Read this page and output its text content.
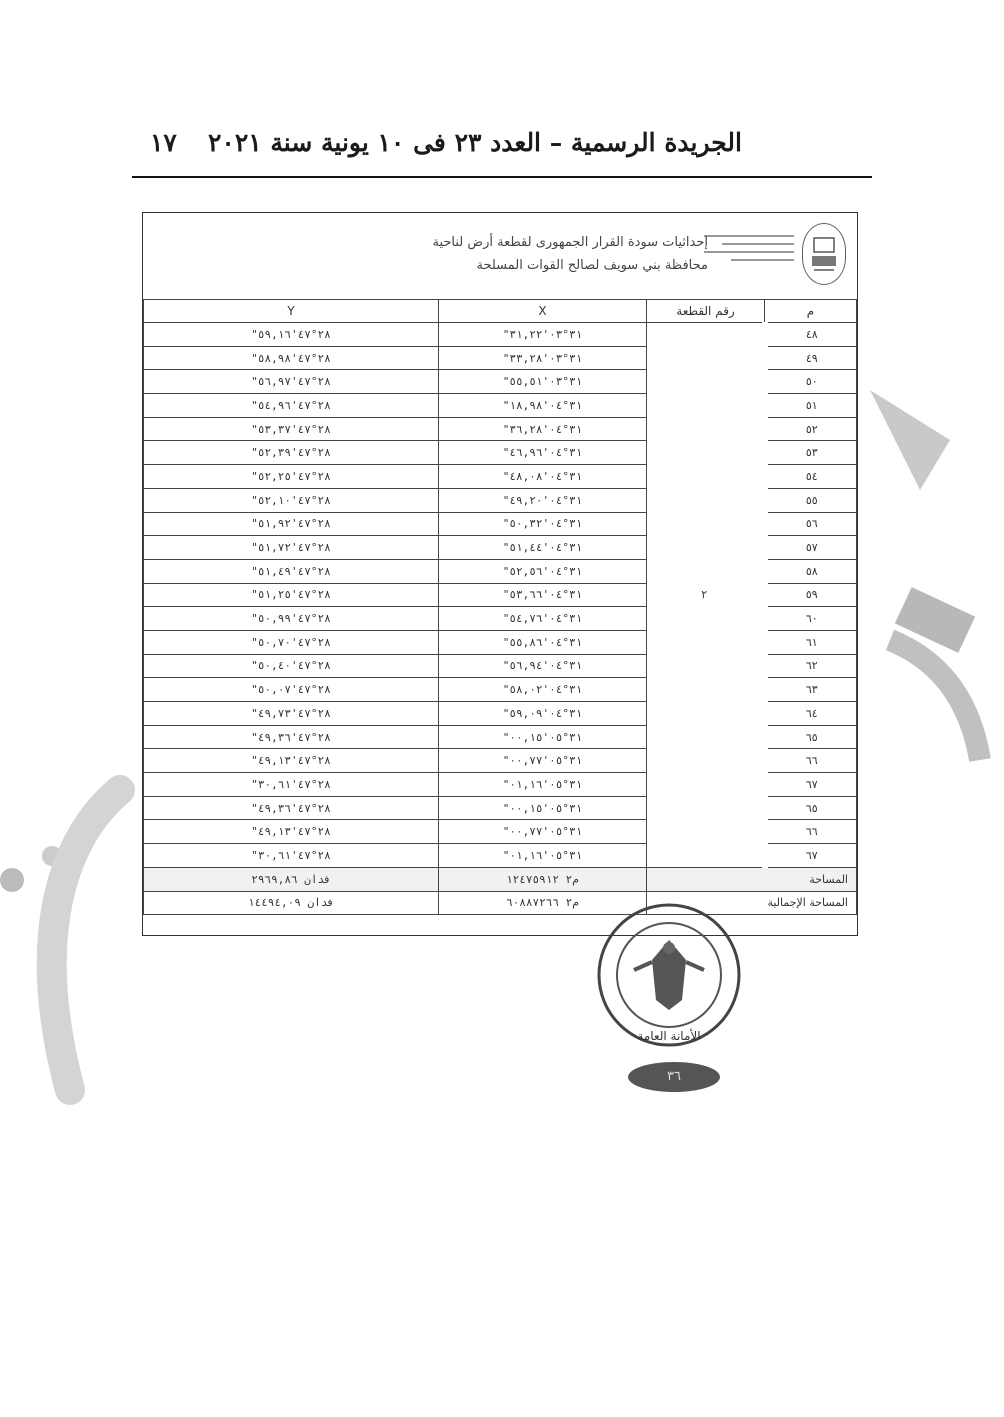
الجريدة الرسمية – العدد ٢٣ فى ١٠ يونية سنة ٢٠٢١
١٧
إحداثيات سودة القرار الجمهورى لقطعة أرض لناحية
محافظة بني سويف لصالح القوات المسلحة
م	رقم القطعة	X	Y
٤٨	٢	٣١°٠٣'٣١,٢٢"	٢٨°٤٧'٥٩,١٦"
٤٩		٣١°٠٣'٣٣,٢٨"	٢٨°٤٧'٥٨,٩٨"
٥٠		٣١°٠٣'٥٥,٥١"	٢٨°٤٧'٥٦,٩٧"
٥١		٣١°٠٤'١٨,٩٨"	٢٨°٤٧'٥٤,٩٦"
٥٢		٣١°٠٤'٣٦,٢٨"	٢٨°٤٧'٥٣,٣٧"
٥٣		٣١°٠٤'٤٦,٩٦"	٢٨°٤٧'٥٢,٣٩"
٥٤		٣١°٠٤'٤٨,٠٨"	٢٨°٤٧'٥٢,٢٥"
٥٥		٣١°٠٤'٤٩,٢٠"	٢٨°٤٧'٥٢,١٠"
٥٦		٣١°٠٤'٥٠,٣٢"	٢٨°٤٧'٥١,٩٢"
٥٧		٣١°٠٤'٥١,٤٤"	٢٨°٤٧'٥١,٧٢"
٥٨		٣١°٠٤'٥٢,٥٦"	٢٨°٤٧'٥١,٤٩"
٥٩		٣١°٠٤'٥٣,٦٦"	٢٨°٤٧'٥١,٢٥"
٦٠		٣١°٠٤'٥٤,٧٦"	٢٨°٤٧'٥٠,٩٩"
٦١		٣١°٠٤'٥٥,٨٦"	٢٨°٤٧'٥٠,٧٠"
٦٢		٣١°٠٤'٥٦,٩٤"	٢٨°٤٧'٥٠,٤٠"
٦٣		٣١°٠٤'٥٨,٠٢"	٢٨°٤٧'٥٠,٠٧"
٦٤		٣١°٠٤'٥٩,٠٩"	٢٨°٤٧'٤٩,٧٣"
٦٥		٣١°٠٥'٠٠,١٥"	٢٨°٤٧'٤٩,٣٦"
٦٦		٣١°٠٥'٠٠,٧٧"	٢٨°٤٧'٤٩,١٣"
٦٧		٣١°٠٥'٠١,١٦"	٢٨°٤٧'٣٠,٦١"
٦٥		٣١°٠٥'٠٠,١٥"	٢٨°٤٧'٤٩,٣٦"
٦٦		٣١°٠٥'٠٠,٧٧"	٢٨°٤٧'٤٩,١٣"
٦٧		٣١°٠٥'٠١,١٦"	٢٨°٤٧'٣٠,٦١"
المساحة		م٢ ١٢٤٧٥٩١٢	فدان ٢٩٦٩,٨٦
المساحة الإجمالية		م٢ ٦٠٨٨٧٢٦٦	فدان ١٤٤٩٤,٠٩
الأمانة العامة
٣٦
